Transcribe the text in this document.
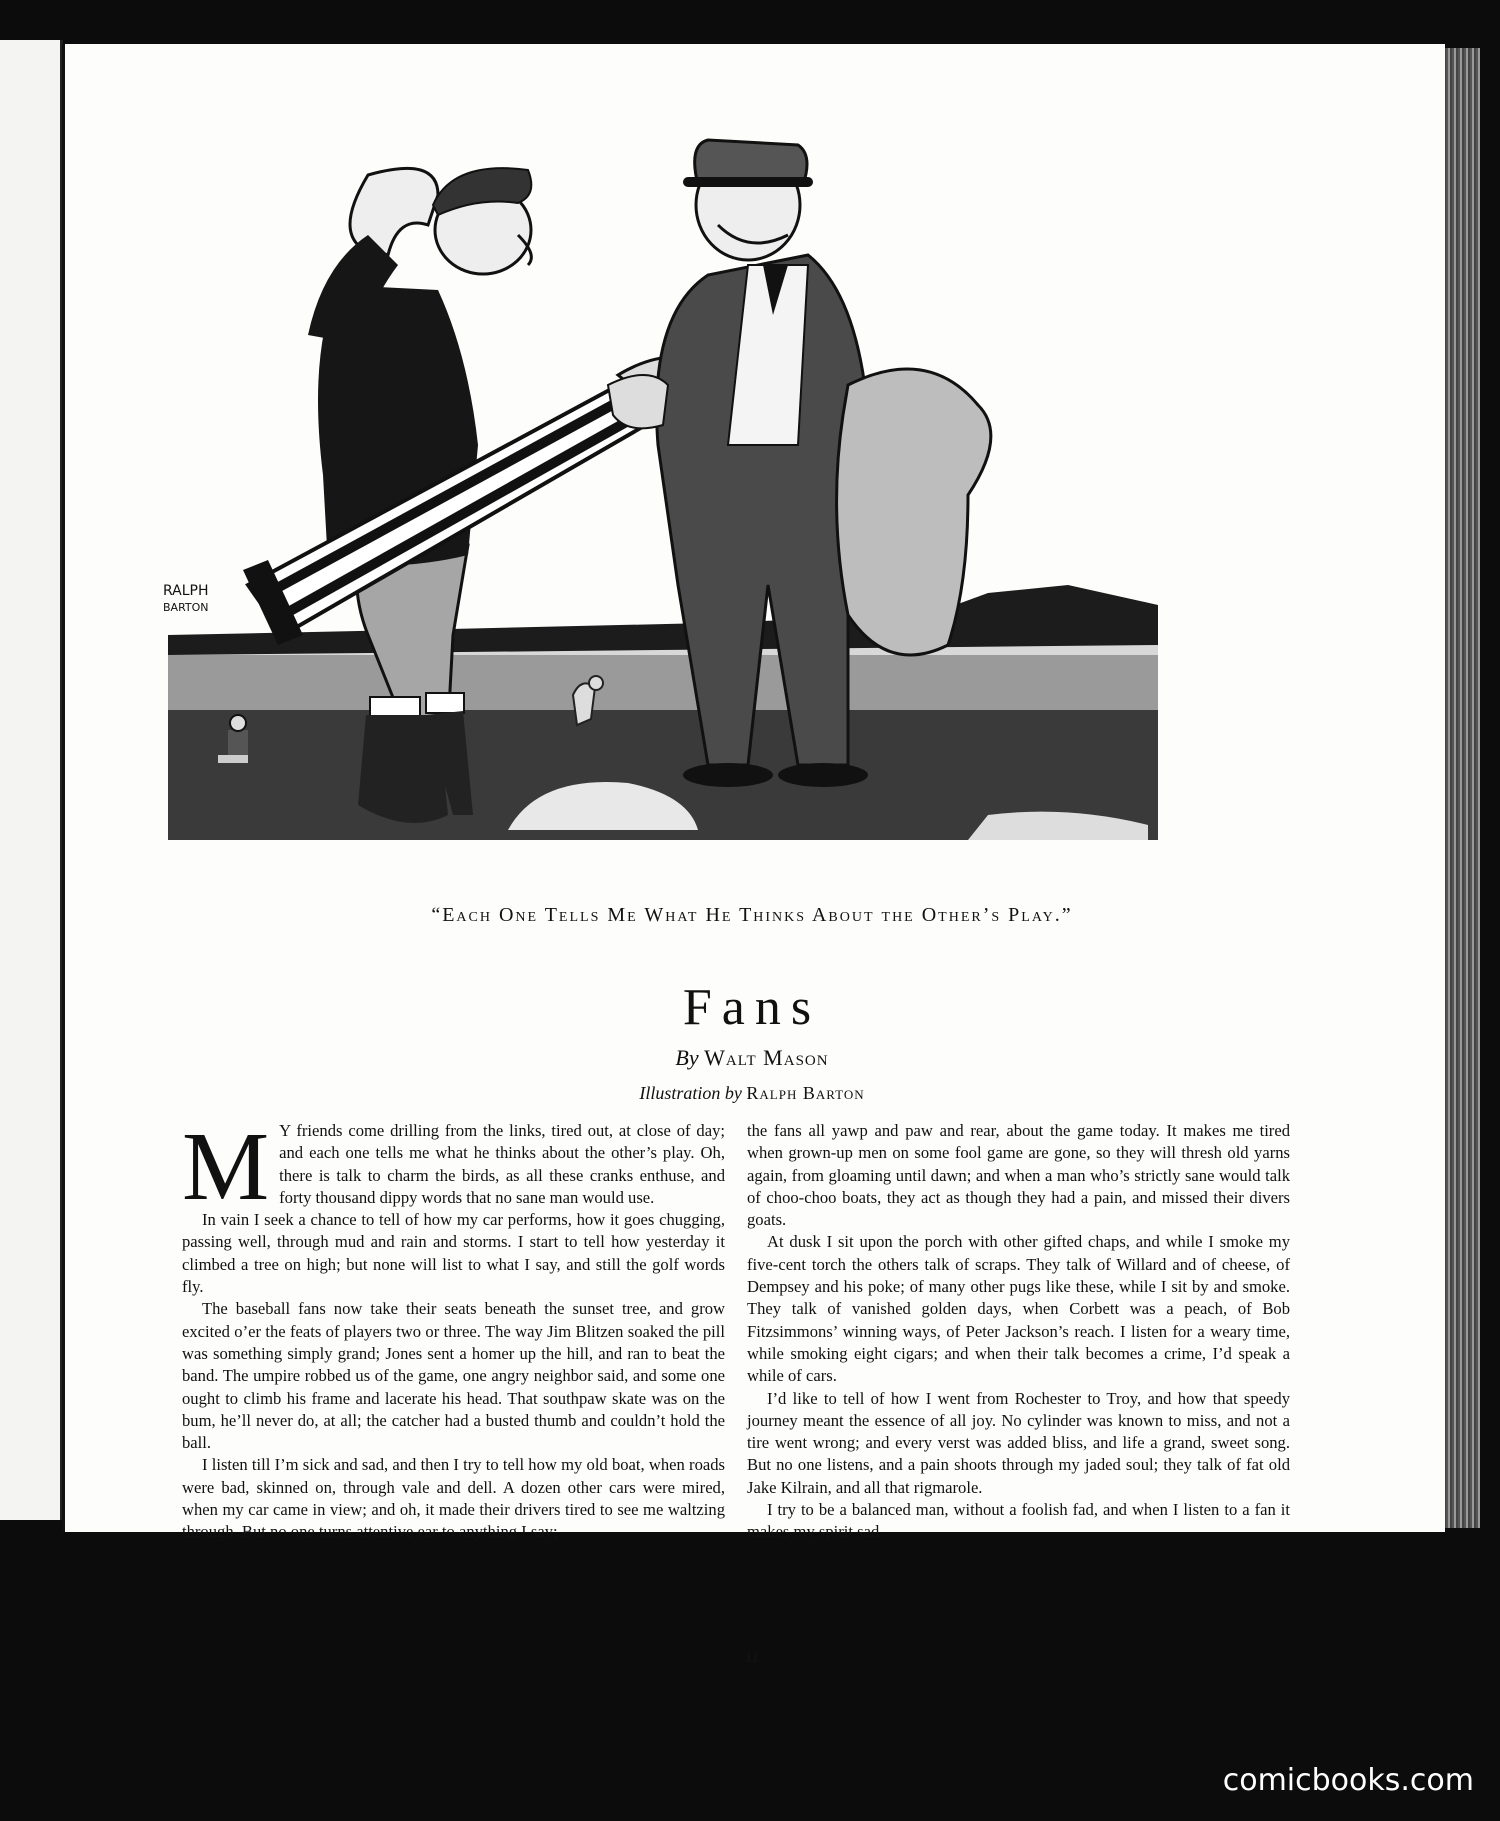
RALPH
BARTON
“Each One Tells Me What He Thinks About the Other’s Play.”
Fans
By Walt Mason
Illustration by Ralph Barton

M Y friends come drilling from the links, tired out, at close of day; and each one tells me what he thinks about the other’s play. Oh, there is talk to charm the birds, as all these cranks enthuse, and forty thousand dippy words that no sane man would use.

In vain I seek a chance to tell of how my car performs, how it goes chugging, passing well, through mud and rain and storms. I start to tell how yesterday it climbed a tree on high; but none will list to what I say, and still the golf words fly.

The baseball fans now take their seats beneath the sunset tree, and grow excited o’er the feats of players two or three. The way Jim Blitzen soaked the pill was something simply grand; Jones sent a homer up the hill, and ran to beat the band. The umpire robbed us of the game, one angry neighbor said, and some one ought to climb his frame and lacerate his head. That southpaw skate was on the bum, he’ll never do, at all; the catcher had a busted thumb and couldn’t hold the ball.

I listen till I’m sick and sad, and then I try to tell how my old boat, when roads were bad, skinned on, through vale and dell. A dozen other cars were mired, when my car came in view; and oh, it made their drivers tired to see me waltzing through. But no one turns attentive ear to anything I say;

the fans all yawp and paw and rear, about the game today. It makes me tired when grown-up men on some fool game are gone, so they will thresh old yarns again, from gloaming until dawn; and when a man who’s strictly sane would talk of choo-choo boats, they act as though they had a pain, and missed their divers goats.

At dusk I sit upon the porch with other gifted chaps, and while I smoke my five-cent torch the others talk of scraps. They talk of Willard and of cheese, of Dempsey and his poke; of many other pugs like these, while I sit by and smoke. They talk of vanished golden days, when Corbett was a peach, of Bob Fitzsimmons’ winning ways, of Peter Jackson’s reach. I listen for a weary time, while smoking eight cigars; and when their talk becomes a crime, I’d speak a while of cars.

I’d like to tell of how I went from Rochester to Troy, and how that speedy journey meant the essence of all joy. No cylinder was known to miss, and not a tire went wrong; and every verst was added bliss, and life a grand, sweet song. But no one listens, and a pain shoots through my jaded soul; they talk of fat old Jake Kilrain, and all that rigmarole.

I try to be a balanced man, without a foolish fad, and when I listen to a fan it makes my spirit sad.

11
comicbooks.com
